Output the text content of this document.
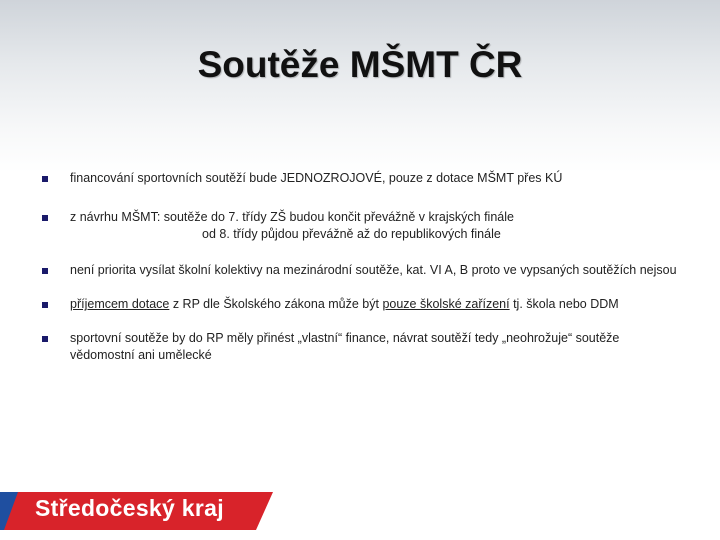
Soutěže MŠMT ČR
financování sportovních soutěží bude JEDNOZROJOVÉ, pouze z dotace MŠMT přes KÚ
z návrhu MŠMT: soutěže do 7. třídy ZŠ budou končit převážně v krajských finále
od 8. třídy půjdou převážně až do republikových finále
není priorita vysílat školní kolektivy na mezinárodní soutěže, kat. VI A, B proto ve vypsaných soutěžích nejsou
příjemcem dotace z RP dle Školského zákona může být pouze školské zařízení tj. škola nebo DDM
sportovní soutěže by do RP měly přinést „vlastní“ finance, návrat soutěží tedy „neohrožuje“ soutěže vědomostní ani umělecké
Středočeský kraj
